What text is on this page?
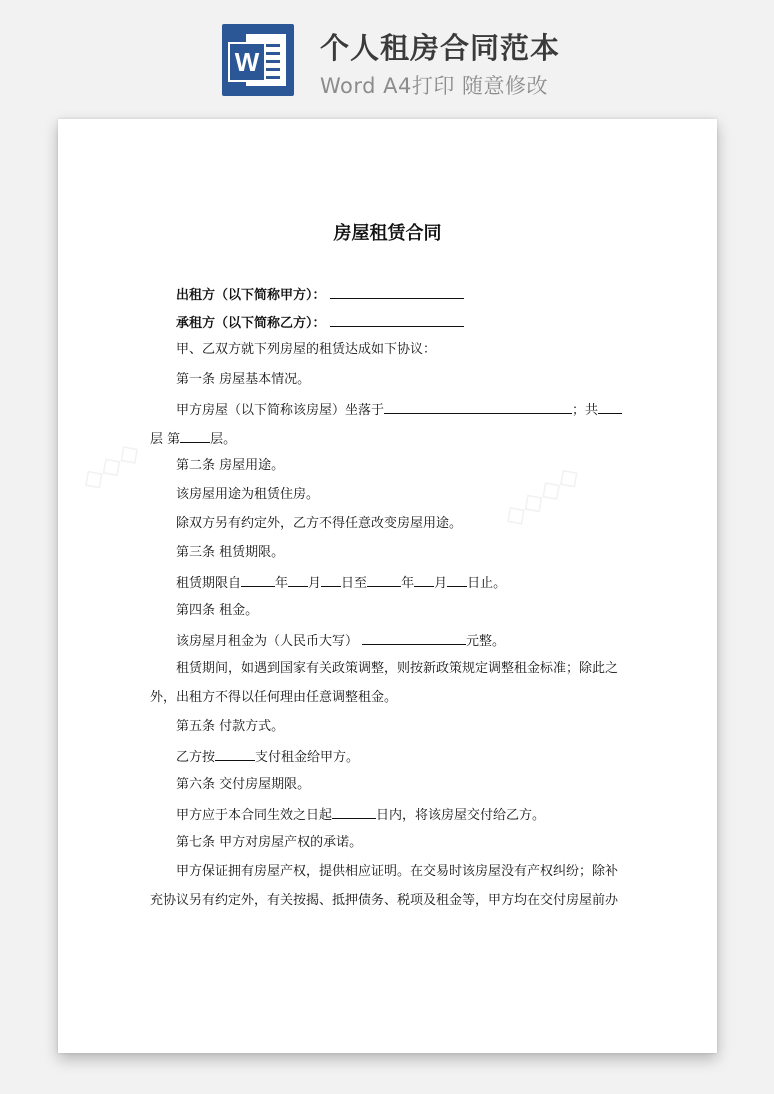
W 个人租房合同范本
Word A4打印 随意修改
◇◇◇◇
◇◇◇
房屋租赁合同
出租方（以下简称甲方）：
承租方（以下简称乙方）：
甲、乙双方就下列房屋的租赁达成如下协议：
第一条 房屋基本情况。
甲方房屋（以下简称该房屋）坐落于	；共
层 第 层。
第二条 房屋用途。
该房屋用途为租赁住房。
除双方另有约定外，乙方不得任意改变房屋用途。
第三条 租赁期限。
租赁期限自	年 月 日至	年 月 日止。
第四条 租金。
该房屋月租金为（人民币大写）	元整。
租赁期间，如遇到国家有关政策调整，则按新政策规定调整租金标准；除此之
外，出租方不得以任何理由任意调整租金。
第五条 付款方式。
乙方按	支付租金给甲方。
第六条 交付房屋期限。
甲方应于本合同生效之日起	日内，将该房屋交付给乙方。
第七条 甲方对房屋产权的承诺。
甲方保证拥有房屋产权，提供相应证明。在交易时该房屋没有产权纠纷；除补
充协议另有约定外，有关按揭、抵押债务、税项及租金等，甲方均在交付房屋前办
